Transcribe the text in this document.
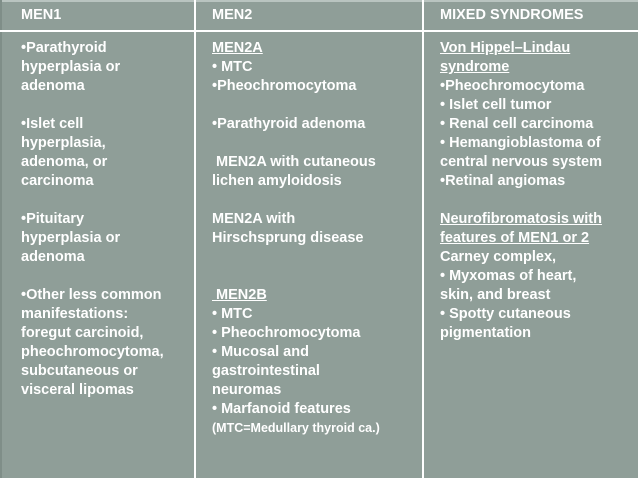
MEN1
•Parathyroid
hyperplasia or
adenoma

•Islet cell
hyperplasia,
adenoma, or
carcinoma

•Pituitary
hyperplasia or
adenoma

•Other less common
manifestations:
foregut carcinoid,
pheochromocytoma,
subcutaneous or
visceral lipomas
MEN2
MEN2A
• MTC
•Pheochromocytoma

•Parathyroid adenoma

MEN2A with cutaneous
lichen amyloidosis

MEN2A with
Hirschsprung disease

MEN2B
• MTC
• Pheochromocytoma
• Mucosal and
gastrointestinal
neuromas
• Marfanoid features
(MTC=Medullary thyroid ca.)
MIXED SYNDROMES
Von Hippel–Lindau
syndrome
•Pheochromocytoma
• Islet cell tumor
• Renal cell carcinoma
• Hemangioblastoma of
central nervous system
•Retinal angiomas

Neurofibromatosis with
features of MEN1 or 2
Carney complex,
• Myxomas of heart,
skin, and breast
• Spotty cutaneous
pigmentation
